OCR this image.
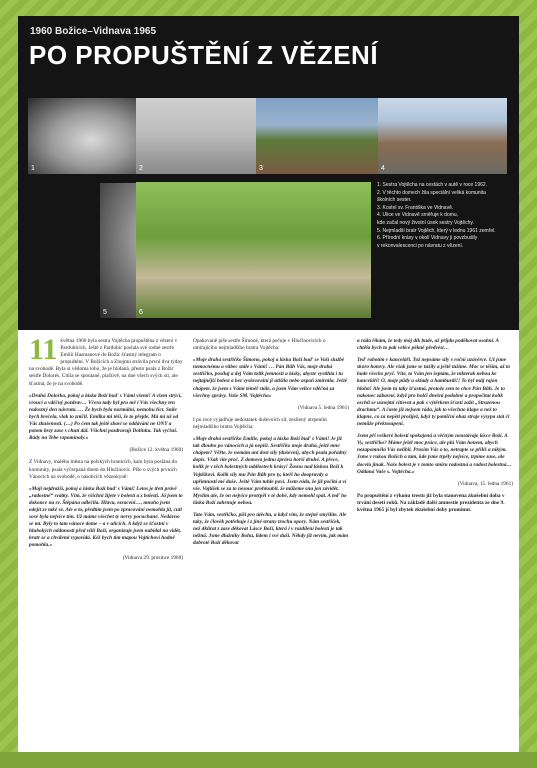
1960 Božice–Vidnava 1965
PO PROPUŠTĚNÍ Z VĚZENÍ
1	2	3	4
5	6
1. Sestra Vojtěcha na cestách v autě v roce 1962.
2. V těchto domech žila speciální veliká komunita
školních sester.
3. Kostel sv. Františka ve Vidnavě.
4. Ulice ve Vidnavě směřuje k domu,
kde začal nový životní úsek sestry Vojtěchy.
5. Nejmladší bratr Vojtěch, který v lednu 1961 zemřel.
6. Přírodní krásy v okolí Vidnavy ji povzbudily
v rekonvalescenci po návratu z vězení.

11 května 1960 byla sestra Vojtěcha propuštěna z vězení v Pardubicích. Ještě z Pardubic poslala své rodné sestře Emilii Hasmanové do Božic šťastný telegram o propuštění. V Božicích a Znojmu strávila první dva týdny na svobodě. Byla si vědoma toho, že je hlídaná, přesto psala z Božic sestře Dolorés. Cítila se spoutaně, plačtivě, na dné všech svých sil, ale šťastná, že je na svobodě.

»Drahá Dolorko, pokoj a láska Boží buď s Vámi všemi! A všem strýcí, vroucí a vděčný pozdrav… Včera tady byl pro mě i Vás všechny ten radostný den návratu. … Že bych byla normální, nemohu říct. Stále bych brečela, vlak to zničil. Emilka mi těší, že to přejde. Mà mi už od Vás zkušenosti. (…) Po čem tak ještě zbaví se oddáváni ne ONY a potom brzy zase s chutí dál. Všichni pozdravují Dolinku. Tak vyčistí. Rády na Tebe vzpomínaly.«

(Božice 12. května 1960)

Z Vidnavy, malého města na polských hranicích, kam byla poslána do komunity, psala vyčerpaná dnem do Hlučínovic. Píše o svých prvních Vánocích na svobodě, o násobcích vězenkyně:

»Moji nejdražší, pokoj a láska Boží buď s Vámi! Letos je třetí právě „radostné“ svátky. Vím, že všichni žijete v bolestí a z bolestí. Já jsem to dokonce na sv. Štěpána odlečila. Hlavu, ezraceni…, mnoho jsem odejít ze také se. Ale a to, předtím jsem po zpracování nemohla jít, cutl sosé byla nejvíce tím. Už máme všechet ty nervy pocuchané. Nedávno se mi. Byly to tam vánoce dome – a v ulicích. A když se šťastní v hlubokých oddanosti před vůlí Boží, organizuje jsem nabídal na vidět, bratr se a chvílemi vypovídá. Kéž bych tím mapou Vojtíchoví hodně pomohla.«

(Vidnava 29. prosince 1960)

Opakovaně píše sestře Šimoné, která pečuje v Hlučínovicích o umírajícího nejmladšího bratra Vojtěcha:

»Moje drahá sestřičko Šimono, pokoj a láska Boží buď se Vaší službě nemocnému a vůbec stále s Vámi! … Pán Bůh Vás, moje drahá sestřičko, posiluj a dej Vám tolik jemnosti a lásky, abyste vystihla i tu nejtajnější bolest a bez vyslovování ji utišila nebo aspoň zmírnila. Ještě chápete, že jsem s Vámi téměř stále, a jsem Vám velice vděčná za všechny zprávy. Vaše SM. Vojtěcha«

(Vidnava 5. ledna 1961)

I po roce vyjadřuje nedostatek duševních sil, zesílený utrpením nejmladšího bratra Vojtěcha:

»Moje drahá sestřičko Emilie, pokoj a láska Boží buď s Vámi! Je již tak dlouho po vánocích a já nepíši. Sestřičko moje drahá, ještě mne chápete? Věřte, že nemám ani dost síly (duševní), abych psala pořádný dopis. Však víte proč. Z domova jednu zprávu horší druhé. A přece, kolik je v těch bolestných událostech krásy! Žasnu nad láskou Boží k Vojtíškovi. Kolik síly mu Pán Bůh pro ty, kteří ho doopravdy a upřímnosti mé duše. Ještě Vám tuhle poví. Jsem ráda, že již počítá a ví vše. Vojtíšek se za to nesouc prohloubil, že můžeme snu jen závidět. Myslím ale, že on nejvíce protrpěl v té době, kdy nemohl spát. A teď ho láska Boží zahrnuje nebou.

Tato Vám, sestřičko, píši pro útěchu, a když vím, že stejně smýšlíte. Ale taky, že člověk potřebuje i z jiné strany trochu opory. Nám sestřiček, než dkůrat z zase děkovat Lásce Boží, která i v rozdílení bolestí je tak něžná. Jsme dlužníky Bohu, lidem i své duši. Někdy již nevím, jak mám dobrotě Boží děkovat

a ráda říkám, že tedy mój dík bude, až přijdu poděkovat osobní. A chtěla bych to pak velice pěkně předvést…

Teď robotím v kanceláři. Tož nepsáme sily v roční uzávěrce. Už jsme skoro hotovy. Ale však jsme se tušily a ještě tužíme. Moc se těším, až to bude všecko pryč. Víte, to Vám jen šeptám, že nikterak nebou ke kanceláři! O, moje půdy a sklady a hamburdí!! To byl můj rajon hlaha! Ale jsem tu taky šťastná, protože sem to chce Pán Bůh. Je to nakonec zábavné, když pro holčí dnešní podobné a propočítat kolik oschů se usnejmi cítíevat a pak s výtěrkem šťastí zažít „Strazenou drachmu“. A často již nejsem ráda, jak to všechno klape a než to klapne, co za nepěti prožijež, když ty pomlční ohaz straje výsypa stát či nemůže překnoupení.

Jsem při veškeré bolestí spokojená a věčným neustávaje lásce Boží. A Vy, sestřičko? Máme ještě moc práce, ale plú Vám honem, abych nezapomněla Vás nelíbil. Prosím Vás o to, netrapte se příliš a nikým. Jsme v rukou Božích a tam, kde jsme trpěly nejvíce, trpíme zase, ale docela jinak. Naše bolest je v tomto smíru radostná a radost bolestná… Oddaná Vaše s. Vojtěcha.«

(Vidnava, 15. ledna 1961)

Po propuštění z výkonu trestu již byla stanovena zkušební doba v trvání deseti roků. Na základě další amnestie prezidenta ze dne 9. května 1965 jí byl zbytek zkušební doby prominut.
